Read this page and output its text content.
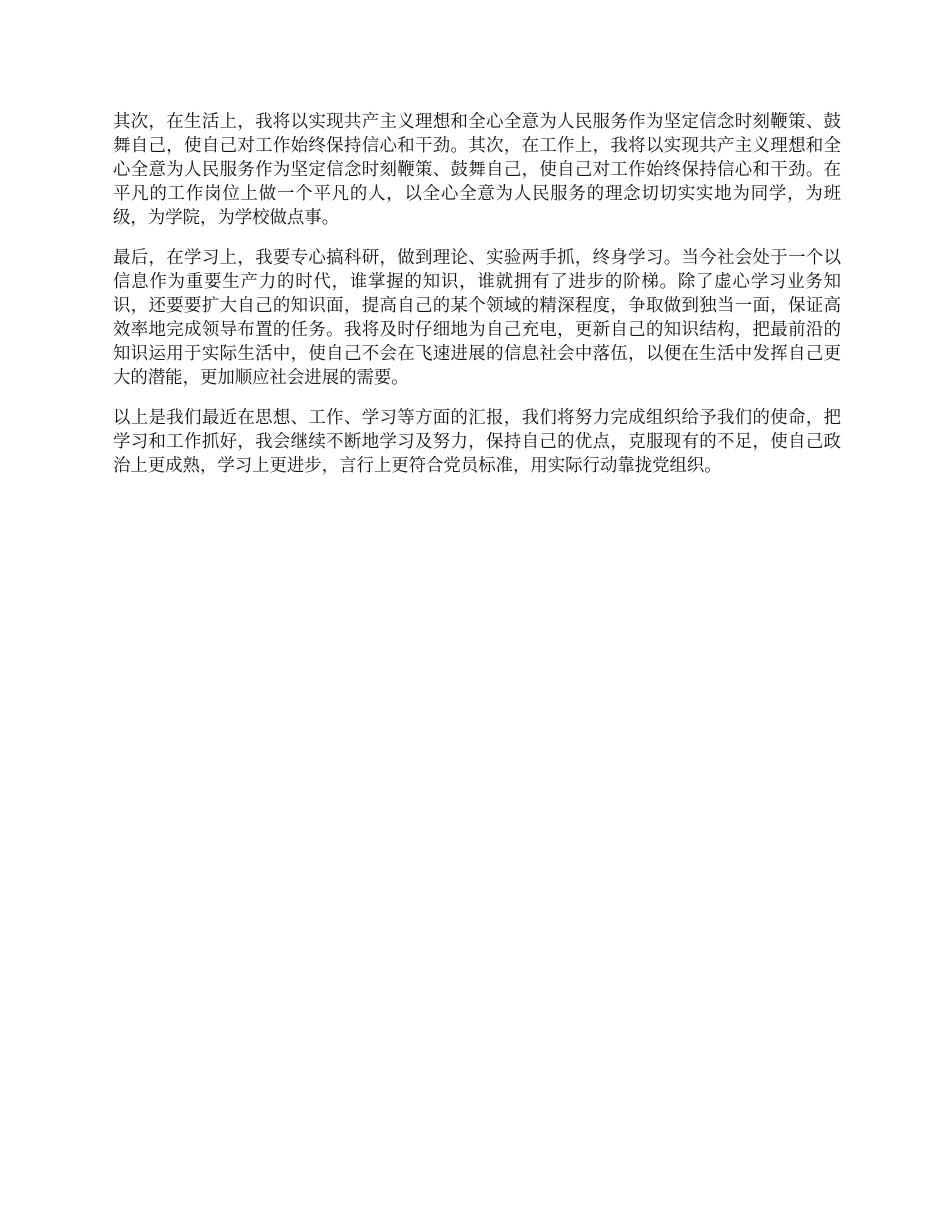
其次，在生活上，我将以实现共产主义理想和全心全意为人民服务作为坚定信念时刻鞭策、鼓舞自己，使自己对工作始终保持信心和干劲。其次，在工作上，我将以实现共产主义理想和全心全意为人民服务作为坚定信念时刻鞭策、鼓舞自己，使自己对工作始终保持信心和干劲。在平凡的工作岗位上做一个平凡的人，以全心全意为人民服务的理念切切实实地为同学，为班级，为学院，为学校做点事。

最后，在学习上，我要专心搞科研，做到理论、实验两手抓，终身学习。当今社会处于一个以信息作为重要生产力的时代，谁掌握的知识，谁就拥有了进步的阶梯。除了虚心学习业务知识，还要要扩大自己的知识面，提高自己的某个领域的精深程度，争取做到独当一面，保证高效率地完成领导布置的任务。我将及时仔细地为自己充电，更新自己的知识结构，把最前沿的知识运用于实际生活中，使自己不会在飞速进展的信息社会中落伍，以便在生活中发挥自己更大的潜能，更加顺应社会进展的需要。

以上是我们最近在思想、工作、学习等方面的汇报，我们将努力完成组织给予我们的使命，把学习和工作抓好，我会继续不断地学习及努力，保持自己的优点，克服现有的不足，使自己政治上更成熟，学习上更进步，言行上更符合党员标准，用实际行动靠拢党组织。
